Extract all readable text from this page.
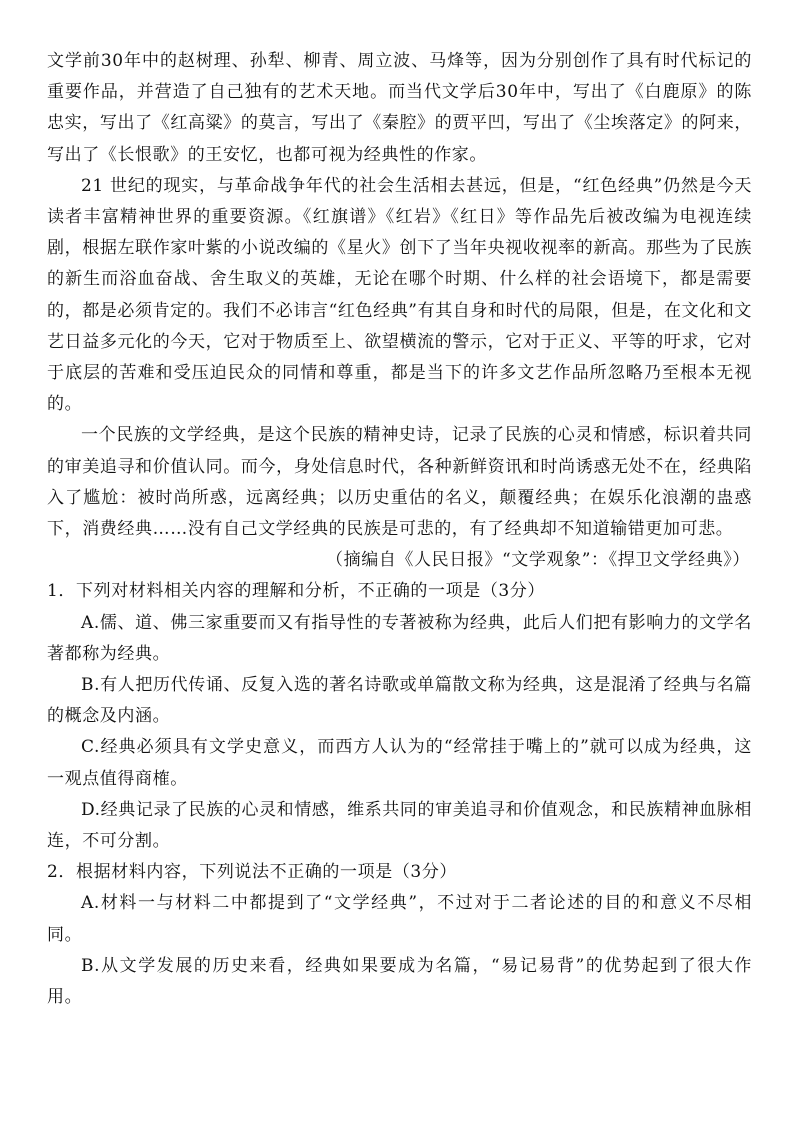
文学前30年中的赵树理、孙犁、柳青、周立波、马烽等，因为分别创作了具有时代标记的重要作品，并营造了自己独有的艺术天地。而当代文学后30年中，写出了《白鹿原》的陈忠实，写出了《红高粱》的莫言，写出了《秦腔》的贾平凹，写出了《尘埃落定》的阿来，写出了《长恨歌》的王安忆，也都可视为经典性的作家。

21 世纪的现实，与革命战争年代的社会生活相去甚远，但是，“红色经典”仍然是今天读者丰富精神世界的重要资源。《红旗谱》《红岩》《红日》等作品先后被改编为电视连续剧，根据左联作家叶紫的小说改编的《星火》创下了当年央视收视率的新高。那些为了民族的新生而浴血奋战、舍生取义的英雄，无论在哪个时期、什么样的社会语境下，都是需要的，都是必须肯定的。我们不必讳言“红色经典”有其自身和时代的局限，但是，在文化和文艺日益多元化的今天，它对于物质至上、欲望横流的警示，它对于正义、平等的吁求，它对于底层的苦难和受压迫民众的同情和尊重，都是当下的许多文艺作品所忽略乃至根本无视的。

一个民族的文学经典，是这个民族的精神史诗，记录了民族的心灵和情感，标识着共同的审美追寻和价值认同。而今，身处信息时代，各种新鲜资讯和时尚诱惑无处不在，经典陷入了尴尬：被时尚所惑，远离经典；以历史重估的名义，颠覆经典；在娱乐化浪潮的蛊惑下，消费经典……没有自己文学经典的民族是可悲的，有了经典却不知道输错更加可悲。

（摘编自《人民日报》“文学观象”：《捍卫文学经典》）

1．下列对材料相关内容的理解和分析，不正确的一项是（3分）

A.儒、道、佛三家重要而又有指导性的专著被称为经典，此后人们把有影响力的文学名著都称为经典。

B.有人把历代传诵、反复入选的著名诗歌或单篇散文称为经典，这是混淆了经典与名篇的概念及内涵。

C.经典必须具有文学史意义，而西方人认为的“经常挂于嘴上的”就可以成为经典，这一观点值得商榷。

D.经典记录了民族的心灵和情感，维系共同的审美追寻和价值观念，和民族精神血脉相连，不可分割。

2．根据材料内容，下列说法不正确的一项是（3分）

A.材料一与材料二中都提到了“文学经典”，不过对于二者论述的目的和意义不尽相同。

B.从文学发展的历史来看，经典如果要成为名篇，“易记易背”的优势起到了很大作用。
